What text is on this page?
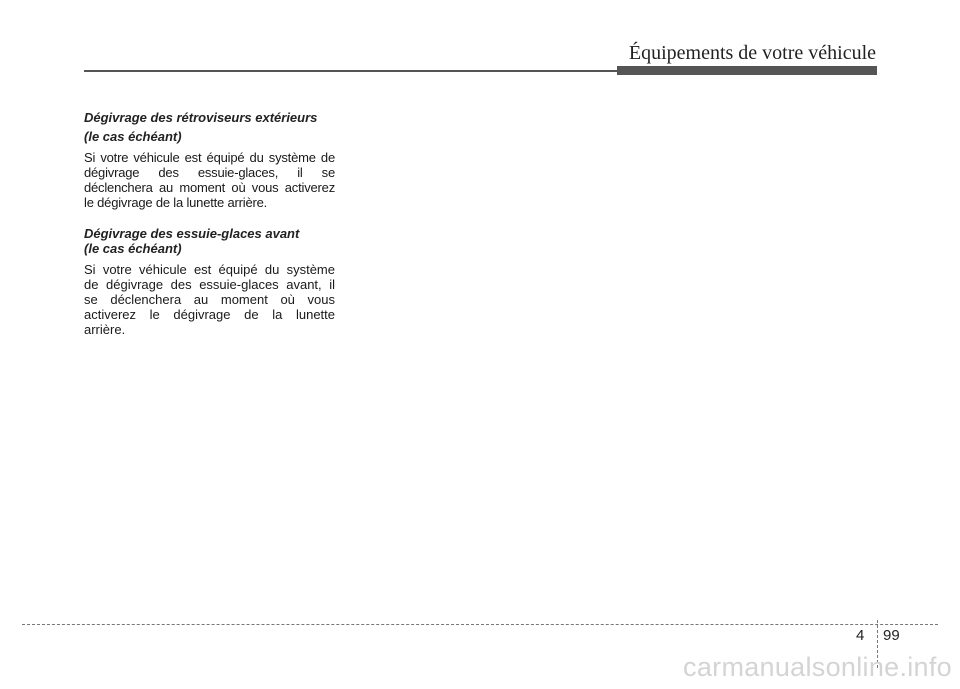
Équipements de votre véhicule
Dégivrage des rétroviseurs extérieurs
(le cas échéant)
Si votre véhicule est équipé du système de
dégivrage des essuie-glaces, il se
déclenchera au moment où vous activerez
le dégivrage de la lunette arrière.
Dégivrage des essuie-glaces avant
(le cas échéant)
Si votre véhicule est équipé du système
de dégivrage des essuie-glaces avant, il
se déclenchera au moment où vous
activerez le dégivrage de la lunette
arrière.
4 99
carmanualsonline.info
